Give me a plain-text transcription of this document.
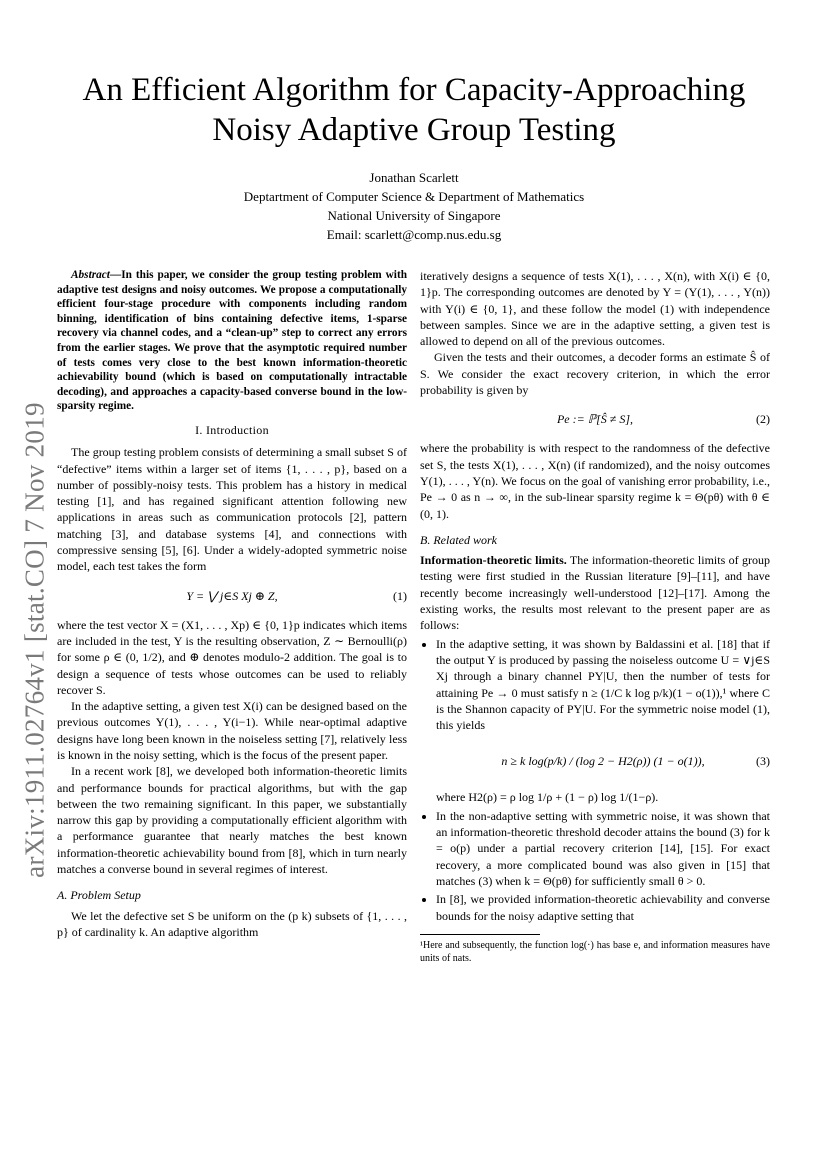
arXiv:1911.02764v1 [stat.CO] 7 Nov 2019
An Efficient Algorithm for Capacity-Approaching
Noisy Adaptive Group Testing
Jonathan Scarlett
Deptartment of Computer Science & Department of Mathematics
National University of Singapore
Email: scarlett@comp.nus.edu.sg

Abstract—In this paper, we consider the group testing problem with adaptive test designs and noisy outcomes. We propose a computationally efficient four-stage procedure with components including random binning, identification of bins containing defective items, 1-sparse recovery via channel codes, and a “clean-up” step to correct any errors from the earlier stages. We prove that the asymptotic required number of tests comes very close to the best known information-theoretic achievability bound (which is based on computationally intractable decoding), and approaches a capacity-based converse bound in the low-sparsity regime.

I. Introduction

The group testing problem consists of determining a small subset S of “defective” items within a larger set of items {1, . . . , p}, based on a number of possibly-noisy tests. This problem has a history in medical testing [1], and has regained significant attention following new applications in areas such as communication protocols [2], pattern matching [3], and database systems [4], and connections with compressive sensing [5], [6]. Under a widely-adopted symmetric noise model, each test takes the form

Y = ⋁ j∈S Xj ⊕ Z,	(1)

where the test vector X = (X1, . . . , Xp) ∈ {0, 1}p indicates which items are included in the test, Y is the resulting observation, Z ∼ Bernoulli(ρ) for some ρ ∈ (0, 1/2), and ⊕ denotes modulo-2 addition. The goal is to design a sequence of tests whose outcomes can be used to reliably recover S.

In the adaptive setting, a given test X(i) can be designed based on the previous outcomes Y(1), . . . , Y(i−1). While near-optimal adaptive designs have long been known in the noiseless setting [7], relatively less is known in the noisy setting, which is the focus of the present paper.

In a recent work [8], we developed both information-theoretic limits and performance bounds for practical algorithms, but with the gap between the two remaining significant. In this paper, we substantially narrow this gap by providing a computationally efficient algorithm with a performance guarantee that nearly matches the best known information-theoretic achievability bound from [8], which in turn nearly matches a converse bound in several regimes of interest.

A. Problem Setup

We let the defective set S be uniform on the (p k) subsets of {1, . . . , p} of cardinality k. An adaptive algorithm

iteratively designs a sequence of tests X(1), . . . , X(n), with X(i) ∈ {0, 1}p. The corresponding outcomes are denoted by Y = (Y(1), . . . , Y(n)) with Y(i) ∈ {0, 1}, and these follow the model (1) with independence between samples. Since we are in the adaptive setting, a given test is allowed to depend on all of the previous outcomes.

Given the tests and their outcomes, a decoder forms an estimate Ŝ of S. We consider the exact recovery criterion, in which the error probability is given by

Pe := ℙ[Ŝ ≠ S],	(2)

where the probability is with respect to the randomness of the defective set S, the tests X(1), . . . , X(n) (if randomized), and the noisy outcomes Y(1), . . . , Y(n). We focus on the goal of vanishing error probability, i.e., Pe → 0 as n → ∞, in the sub-linear sparsity regime k = Θ(pθ) with θ ∈ (0, 1).

B. Related work

Information-theoretic limits. The information-theoretic limits of group testing were first studied in the Russian literature [9]–[11], and have recently become increasingly well-understood [12]–[17]. Among the existing works, the results most relevant to the present paper are as follows:

• In the adaptive setting, it was shown by Baldassini et al. [18] that if the output Y is produced by passing the noiseless outcome U = ∨j∈S Xj through a binary channel PY|U, then the number of tests for attaining Pe → 0 must satisfy n ≥ (1/C k log p/k)(1 − o(1)),¹ where C is the Shannon capacity of PY|U. For the symmetric noise model (1), this yields
n ≥ k log(p/k) / (log 2 − H2(ρ)) (1 − o(1)),	(3)
where H2(ρ) = ρ log 1/ρ + (1 − ρ) log 1/(1−ρ).
• In the non-adaptive setting with symmetric noise, it was shown that an information-theoretic threshold decoder attains the bound (3) for k = o(p) under a partial recovery criterion [14], [15]. For exact recovery, a more complicated bound was also given in [15] that matches (3) when k = Θ(pθ) for sufficiently small θ > 0.
• In [8], we provided information-theoretic achievability and converse bounds for the noisy adaptive setting that
¹Here and subsequently, the function log(·) has base e, and information measures have units of nats.
